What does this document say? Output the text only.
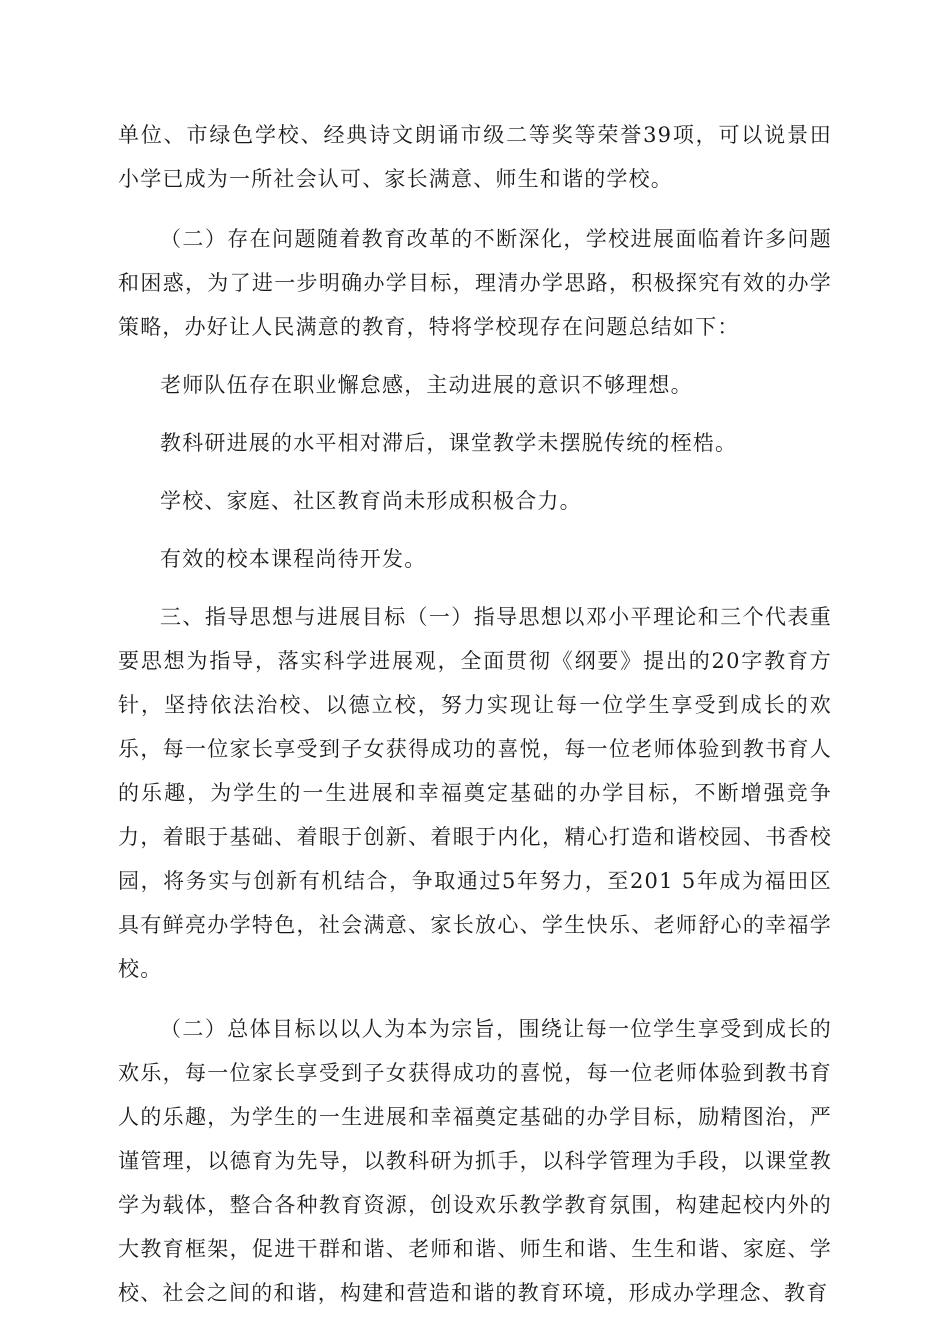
单位、市绿色学校、经典诗文朗诵市级二等奖等荣誉39项，可以说景田小学已成为一所社会认可、家长满意、师生和谐的学校。

（二）存在问题随着教育改革的不断深化，学校进展面临着许多问题和困惑，为了进一步明确办学目标，理清办学思路，积极探究有效的办学策略，办好让人民满意的教育，特将学校现存在问题总结如下：

老师队伍存在职业懈怠感，主动进展的意识不够理想。

教科研进展的水平相对滞后，课堂教学未摆脱传统的桎梏。

学校、家庭、社区教育尚未形成积极合力。

有效的校本课程尚待开发。

三、指导思想与进展目标（一）指导思想以邓小平理论和三个代表重要思想为指导，落实科学进展观，全面贯彻《纲要》提出的20字教育方针，坚持依法治校、以德立校，努力实现让每一位学生享受到成长的欢乐，每一位家长享受到子女获得成功的喜悦，每一位老师体验到教书育人的乐趣，为学生的一生进展和幸福奠定基础的办学目标，不断增强竞争力，着眼于基础、着眼于创新、着眼于内化，精心打造和谐校园、书香校园，将务实与创新有机结合，争取通过5年努力，至201 5年成为福田区具有鲜亮办学特色，社会满意、家长放心、学生快乐、老师舒心的幸福学校。

（二）总体目标以以人为本为宗旨，围绕让每一位学生享受到成长的欢乐，每一位家长享受到子女获得成功的喜悦，每一位老师体验到教书育人的乐趣，为学生的一生进展和幸福奠定基础的办学目标，励精图治，严谨管理，以德育为先导，以教科研为抓手，以科学管理为手段，以课堂教学为载体，整合各种教育资源，创设欢乐教学教育氛围，构建起校内外的大教育框架，促进干群和谐、老师和谐、师生和谐、生生和谐、家庭、学校、社会之间的和谐，构建和营造和谐的教育环境，形成办学理念、教育
